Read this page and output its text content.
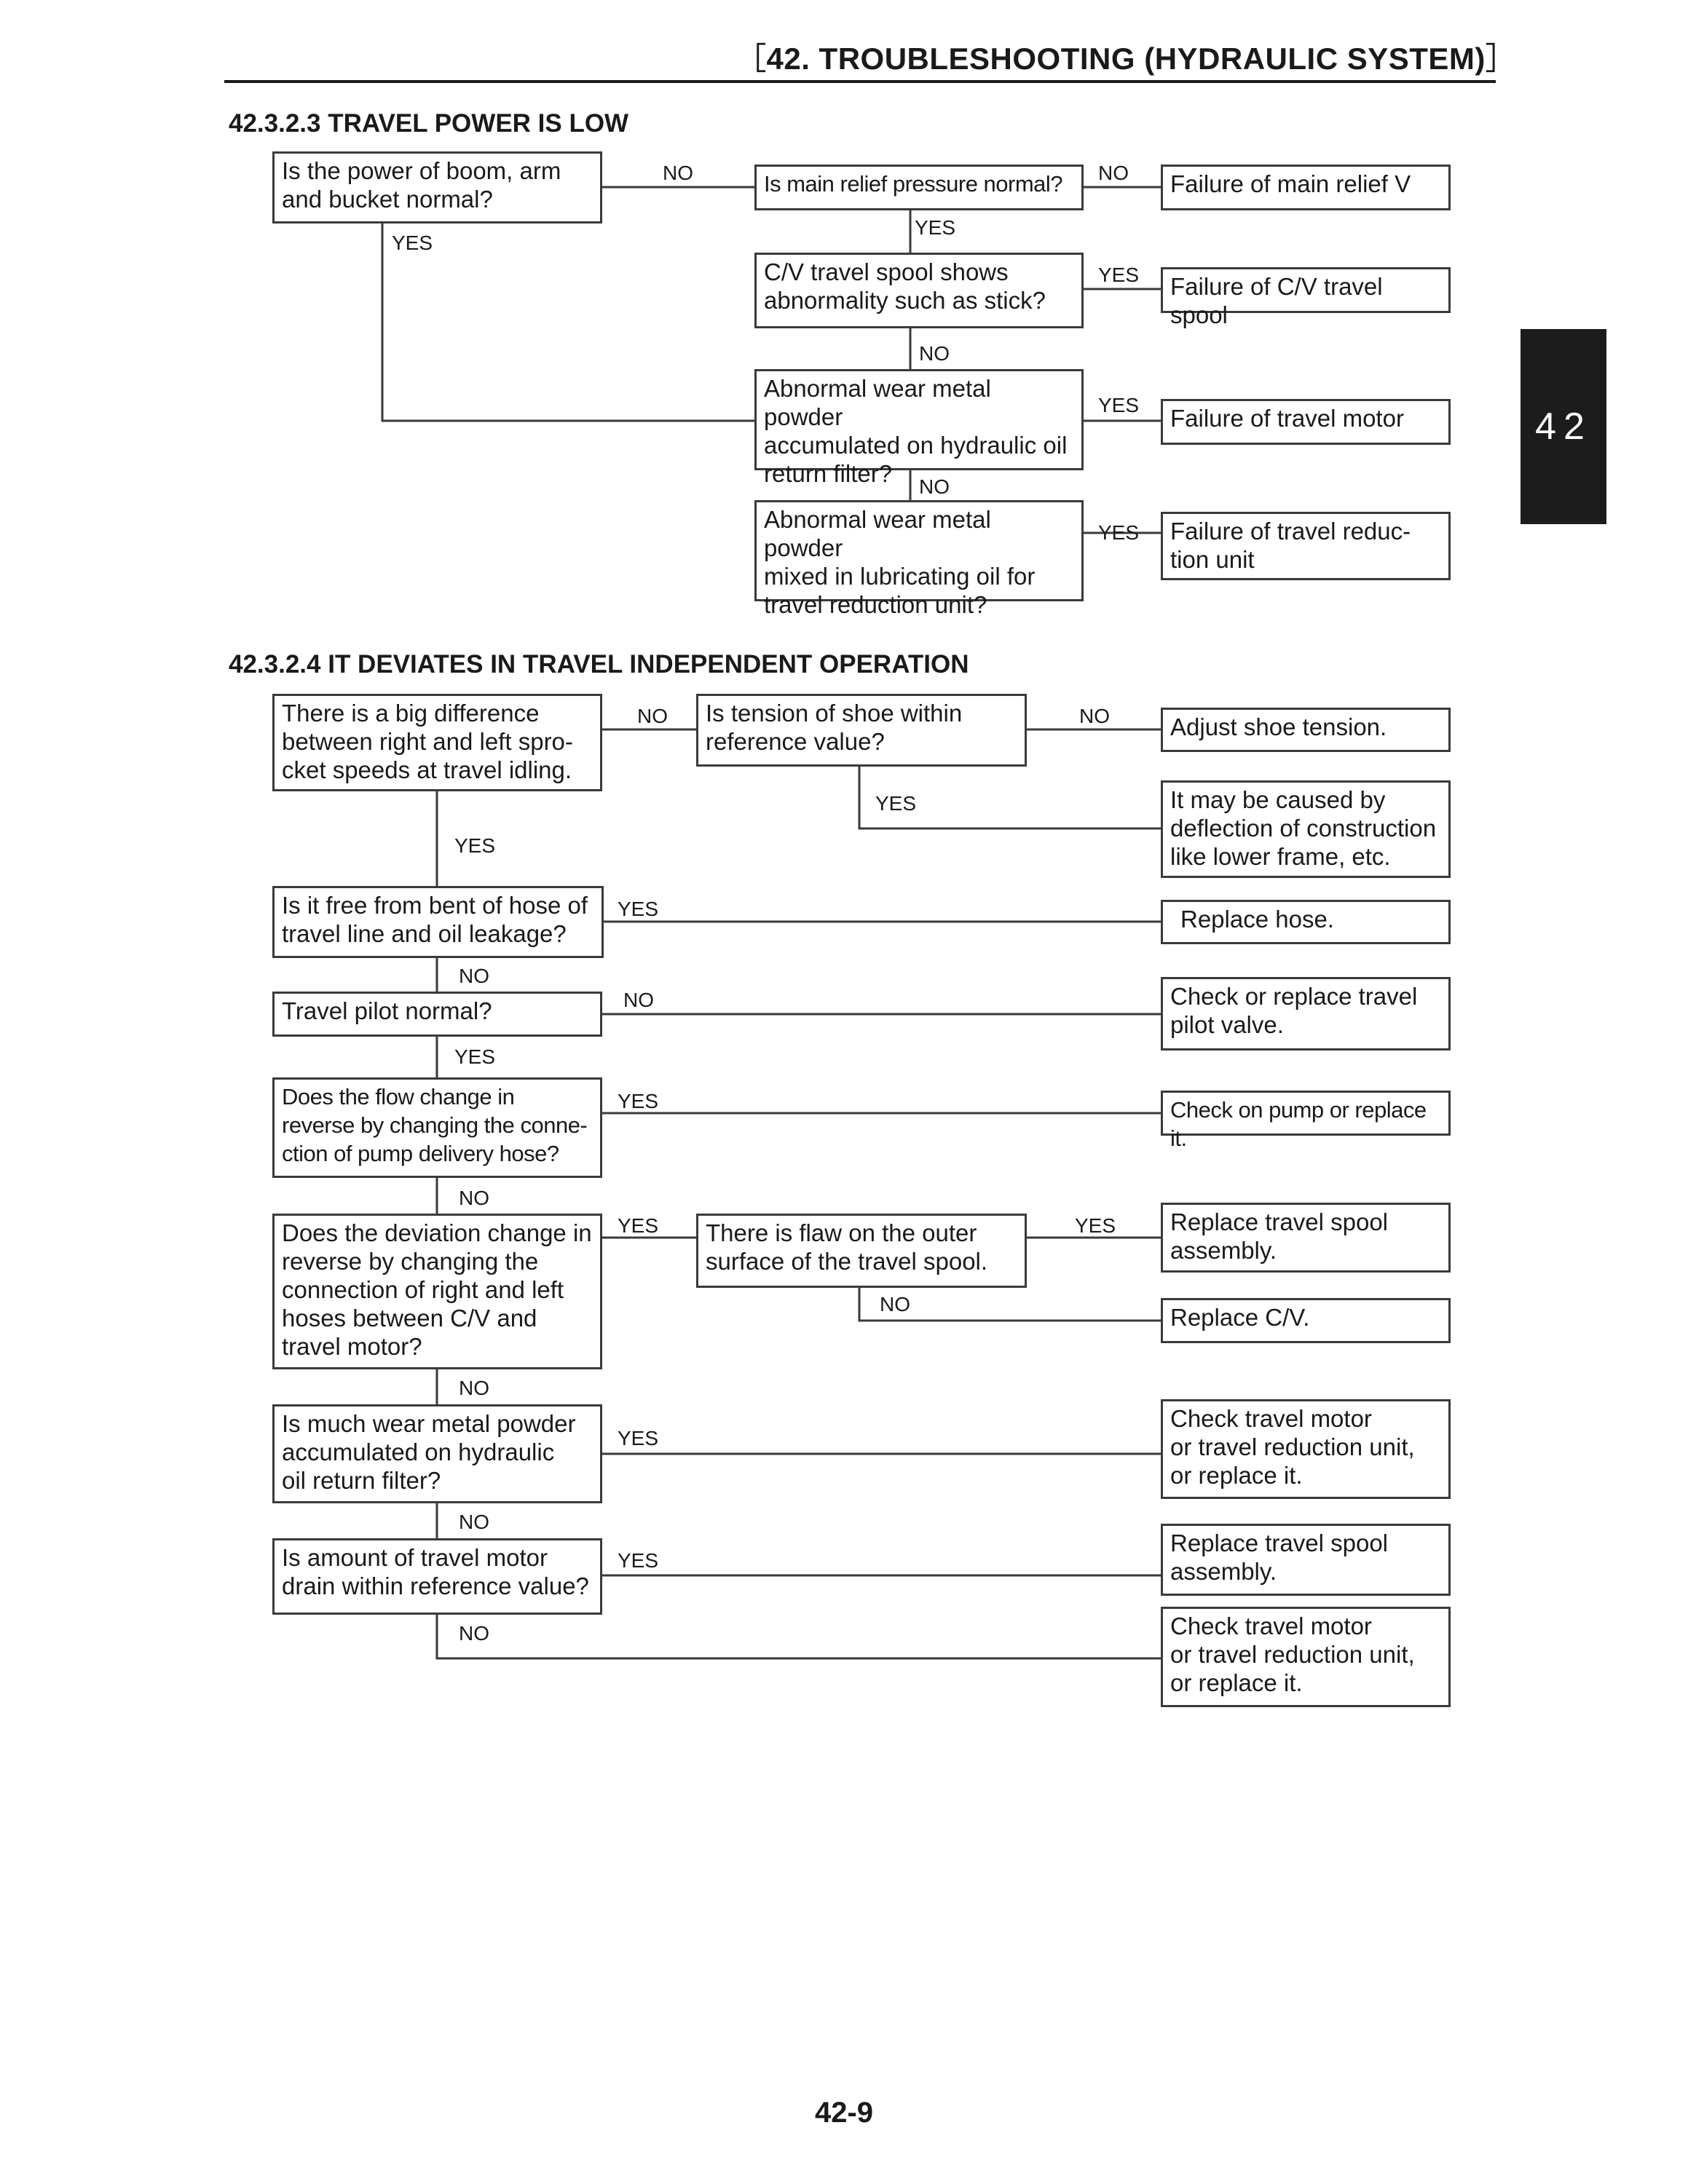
［42. TROUBLESHOOTING (HYDRAULIC SYSTEM)］
42
42.3.2.3 TRAVEL POWER IS LOW
Is the power of boom, arm
and bucket normal?
Is main relief pressure normal?	Failure of main relief V
C/V travel spool shows
abnormality such as stick?
Failure of C/V travel spool
Abnormal wear metal powder
accumulated on hydraulic oil
return filter?
Failure of travel motor
Abnormal wear metal powder
mixed in lubricating oil for
travel reduction unit?
Failure of travel reduc-
tion unit
NO	NO
YES
YES
YES
NO
YES
NO
YES
42.3.2.4 IT DEVIATES IN TRAVEL INDEPENDENT OPERATION
There is a big difference
between right and left spro-
cket speeds at travel idling.
Is tension of shoe within
reference value?
Adjust shoe tension.
It may be caused by
deflection of construction
like lower frame, etc.
Is it free from bent of hose of
travel line and oil leakage?
Replace hose.
Travel pilot normal?
Check or replace travel
pilot valve.
Does the flow change in
reverse by changing the conne-
ction of pump delivery hose?
Check on pump or replace it.
Does the deviation change in
reverse by changing the
connection of right and left
hoses between C/V and
travel motor?
There is flaw on the outer
surface of the travel spool.
Replace travel spool
assembly.
Replace C/V.
Is much wear metal powder
accumulated on hydraulic
oil return filter?
Check travel motor
or travel reduction unit,
or replace it.
Is amount of travel motor
drain within reference value?
Replace travel spool
assembly.
Check travel motor
or travel reduction unit,
or replace it.
NO	NO
YES
YES
YES
NO
NO
YES
YES
NO
YES	YES
NO
NO
YES
NO
YES
NO
42-9
